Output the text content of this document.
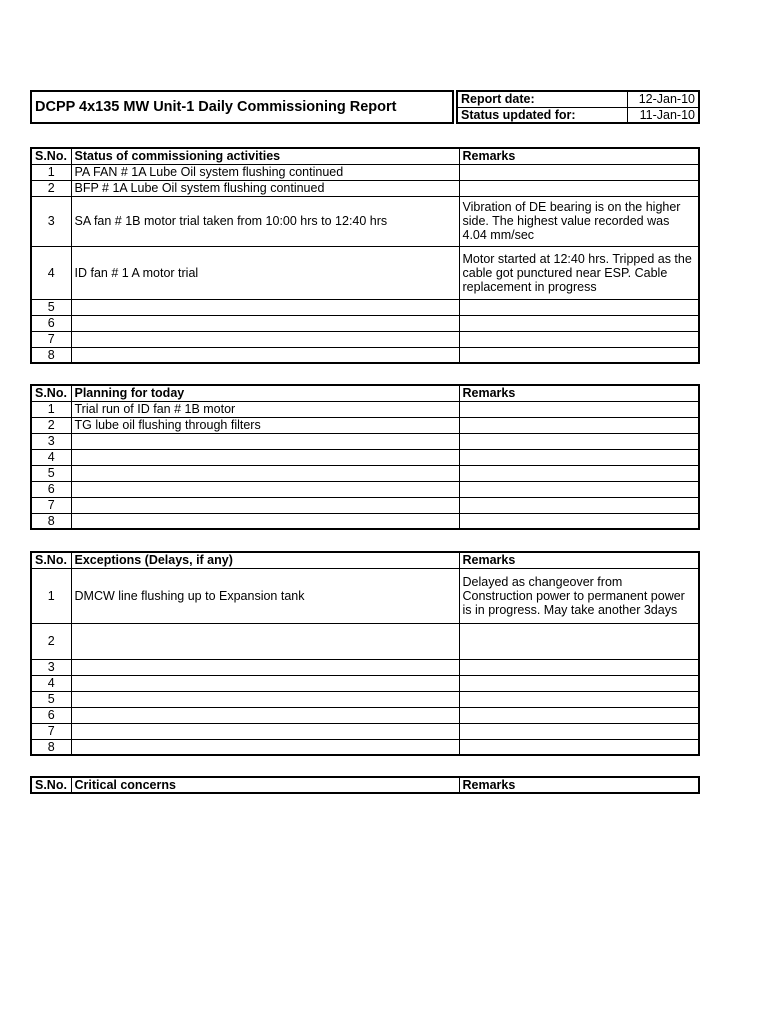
DCPP 4x135 MW Unit-1 Daily Commissioning Report	Report date:	12-Jan-10
Status updated for:	11-Jan-10
S.No.	Status of commissioning activities	Remarks
1	PA FAN # 1A Lube Oil system flushing continued	
2	BFP # 1A Lube Oil system flushing continued	
3	SA fan # 1B motor trial taken from 10:00 hrs to 12:40 hrs	Vibration of DE bearing is on the higher side. The highest value recorded was 4.04 mm/sec
4	ID fan # 1 A motor trial	Motor started at 12:40 hrs. Tripped as the cable got punctured near ESP. Cable replacement in progress
5		
6		
7		
8		
S.No.	Planning for today	Remarks
1	Trial run of ID fan # 1B motor	
2	TG lube oil flushing through filters	
3		
4		
5		
6		
7		
8		
S.No.	Exceptions (Delays, if any)	Remarks
1	DMCW line flushing up to Expansion tank	Delayed as changeover from Construction power to permanent power is in progress. May take another 3days
2		
3		
4		
5		
6		
7		
8		
S.No.	Critical concerns	Remarks
